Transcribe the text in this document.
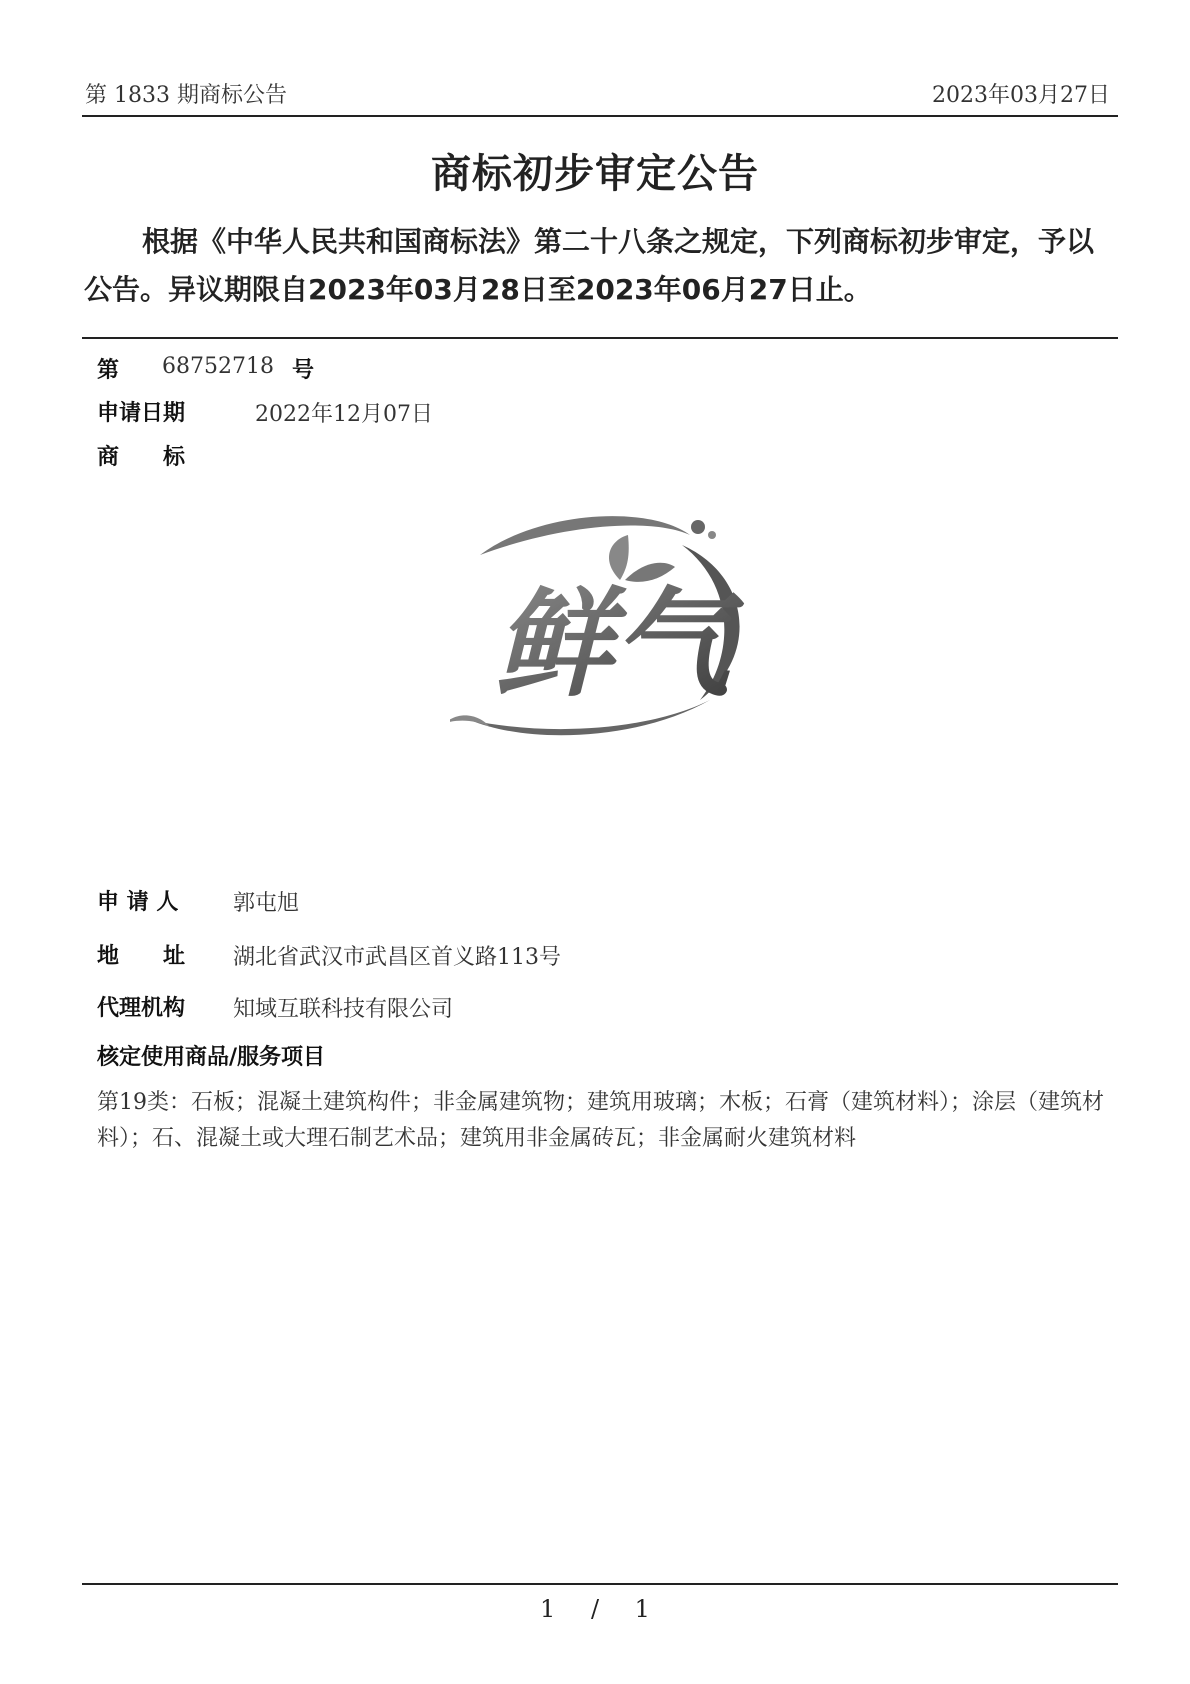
第 1833 期商标公告	2023年03月27日
商标初步审定公告
根据《中华人民共和国商标法》第二十八条之规定，下列商标初步审定，予以公告。异议期限自2023年03月28日至2023年06月27日止。
第 68752718 号
申请日期	2022年12月07日
商　　标
鲜气
申 请 人 郭屯旭
地　　址 湖北省武汉市武昌区首义路113号
代理机构 知域互联科技有限公司
核定使用商品/服务项目
第19类：石板；混凝土建筑构件；非金属建筑物；建筑用玻璃；木板；石膏（建筑材料）；涂层（建筑材料）；石、混凝土或大理石制艺术品；建筑用非金属砖瓦；非金属耐火建筑材料
1 / 1
